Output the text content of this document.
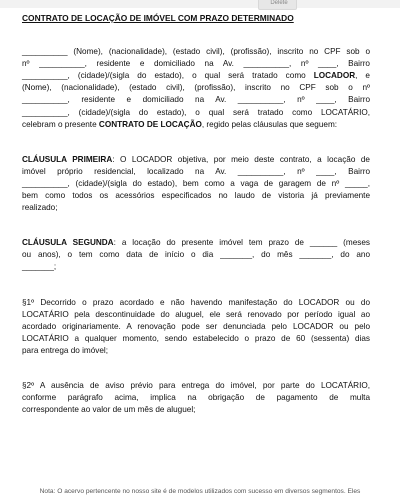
Delete
CONTRATO DE LOCAÇÃO DE IMÓVEL COM PRAZO DETERMINADO

__________ (Nome), (nacionalidade), (estado civil), (profissão), inscrito no CPF sob o
nº __________, residente e domiciliado na Av. __________, nº ____, Bairro
__________, (cidade)/(sigla do estado), o qual será tratado como LOCADOR, e
(Nome), (nacionalidade), (estado civil), (profissão), inscrito no CPF sob o nº
__________, residente e domiciliado na Av. __________, nº ____, Bairro
__________, (cidade)/(sigla do estado), o qual será tratado como LOCATÁRIO,
celebram o presente CONTRATO DE LOCAÇÃO, regido pelas cláusulas que seguem:

CLÁUSULA PRIMEIRA: O LOCADOR objetiva, por meio deste contrato, a locação de
imóvel próprio residencial, localizado na Av. __________, nº ____, Bairro
__________, (cidade)/(sigla do estado), bem como a vaga de garagem de nº _____,
bem como todos os acessórios especificados no laudo de vistoria já previamente
realizado;

CLÁUSULA SEGUNDA: a locação do presente imóvel tem prazo de ______ (meses
ou anos), o tem como data de início o dia _______, do mês _______, do ano
_______;

§1º Decorrido o prazo acordado e não havendo manifestação do LOCADOR ou do
LOCATÁRIO pela descontinuidade do aluguel, ele será renovado por período igual ao
acordado originariamente. A renovação pode ser denunciada pelo LOCADOR ou pelo
LOCATÁRIO a qualquer momento, sendo estabelecido o prazo de 60 (sessenta) dias
para entrega do imóvel;

§2º A ausência de aviso prévio para entrega do imóvel, por parte do LOCATÁRIO,
conforme parágrafo acima, implica na obrigação de pagamento de multa
correspondente ao valor de um mês de aluguel;

Nota: O acervo pertencente no nosso site é de modelos utilizados com sucesso em diversos segmentos. Eles
